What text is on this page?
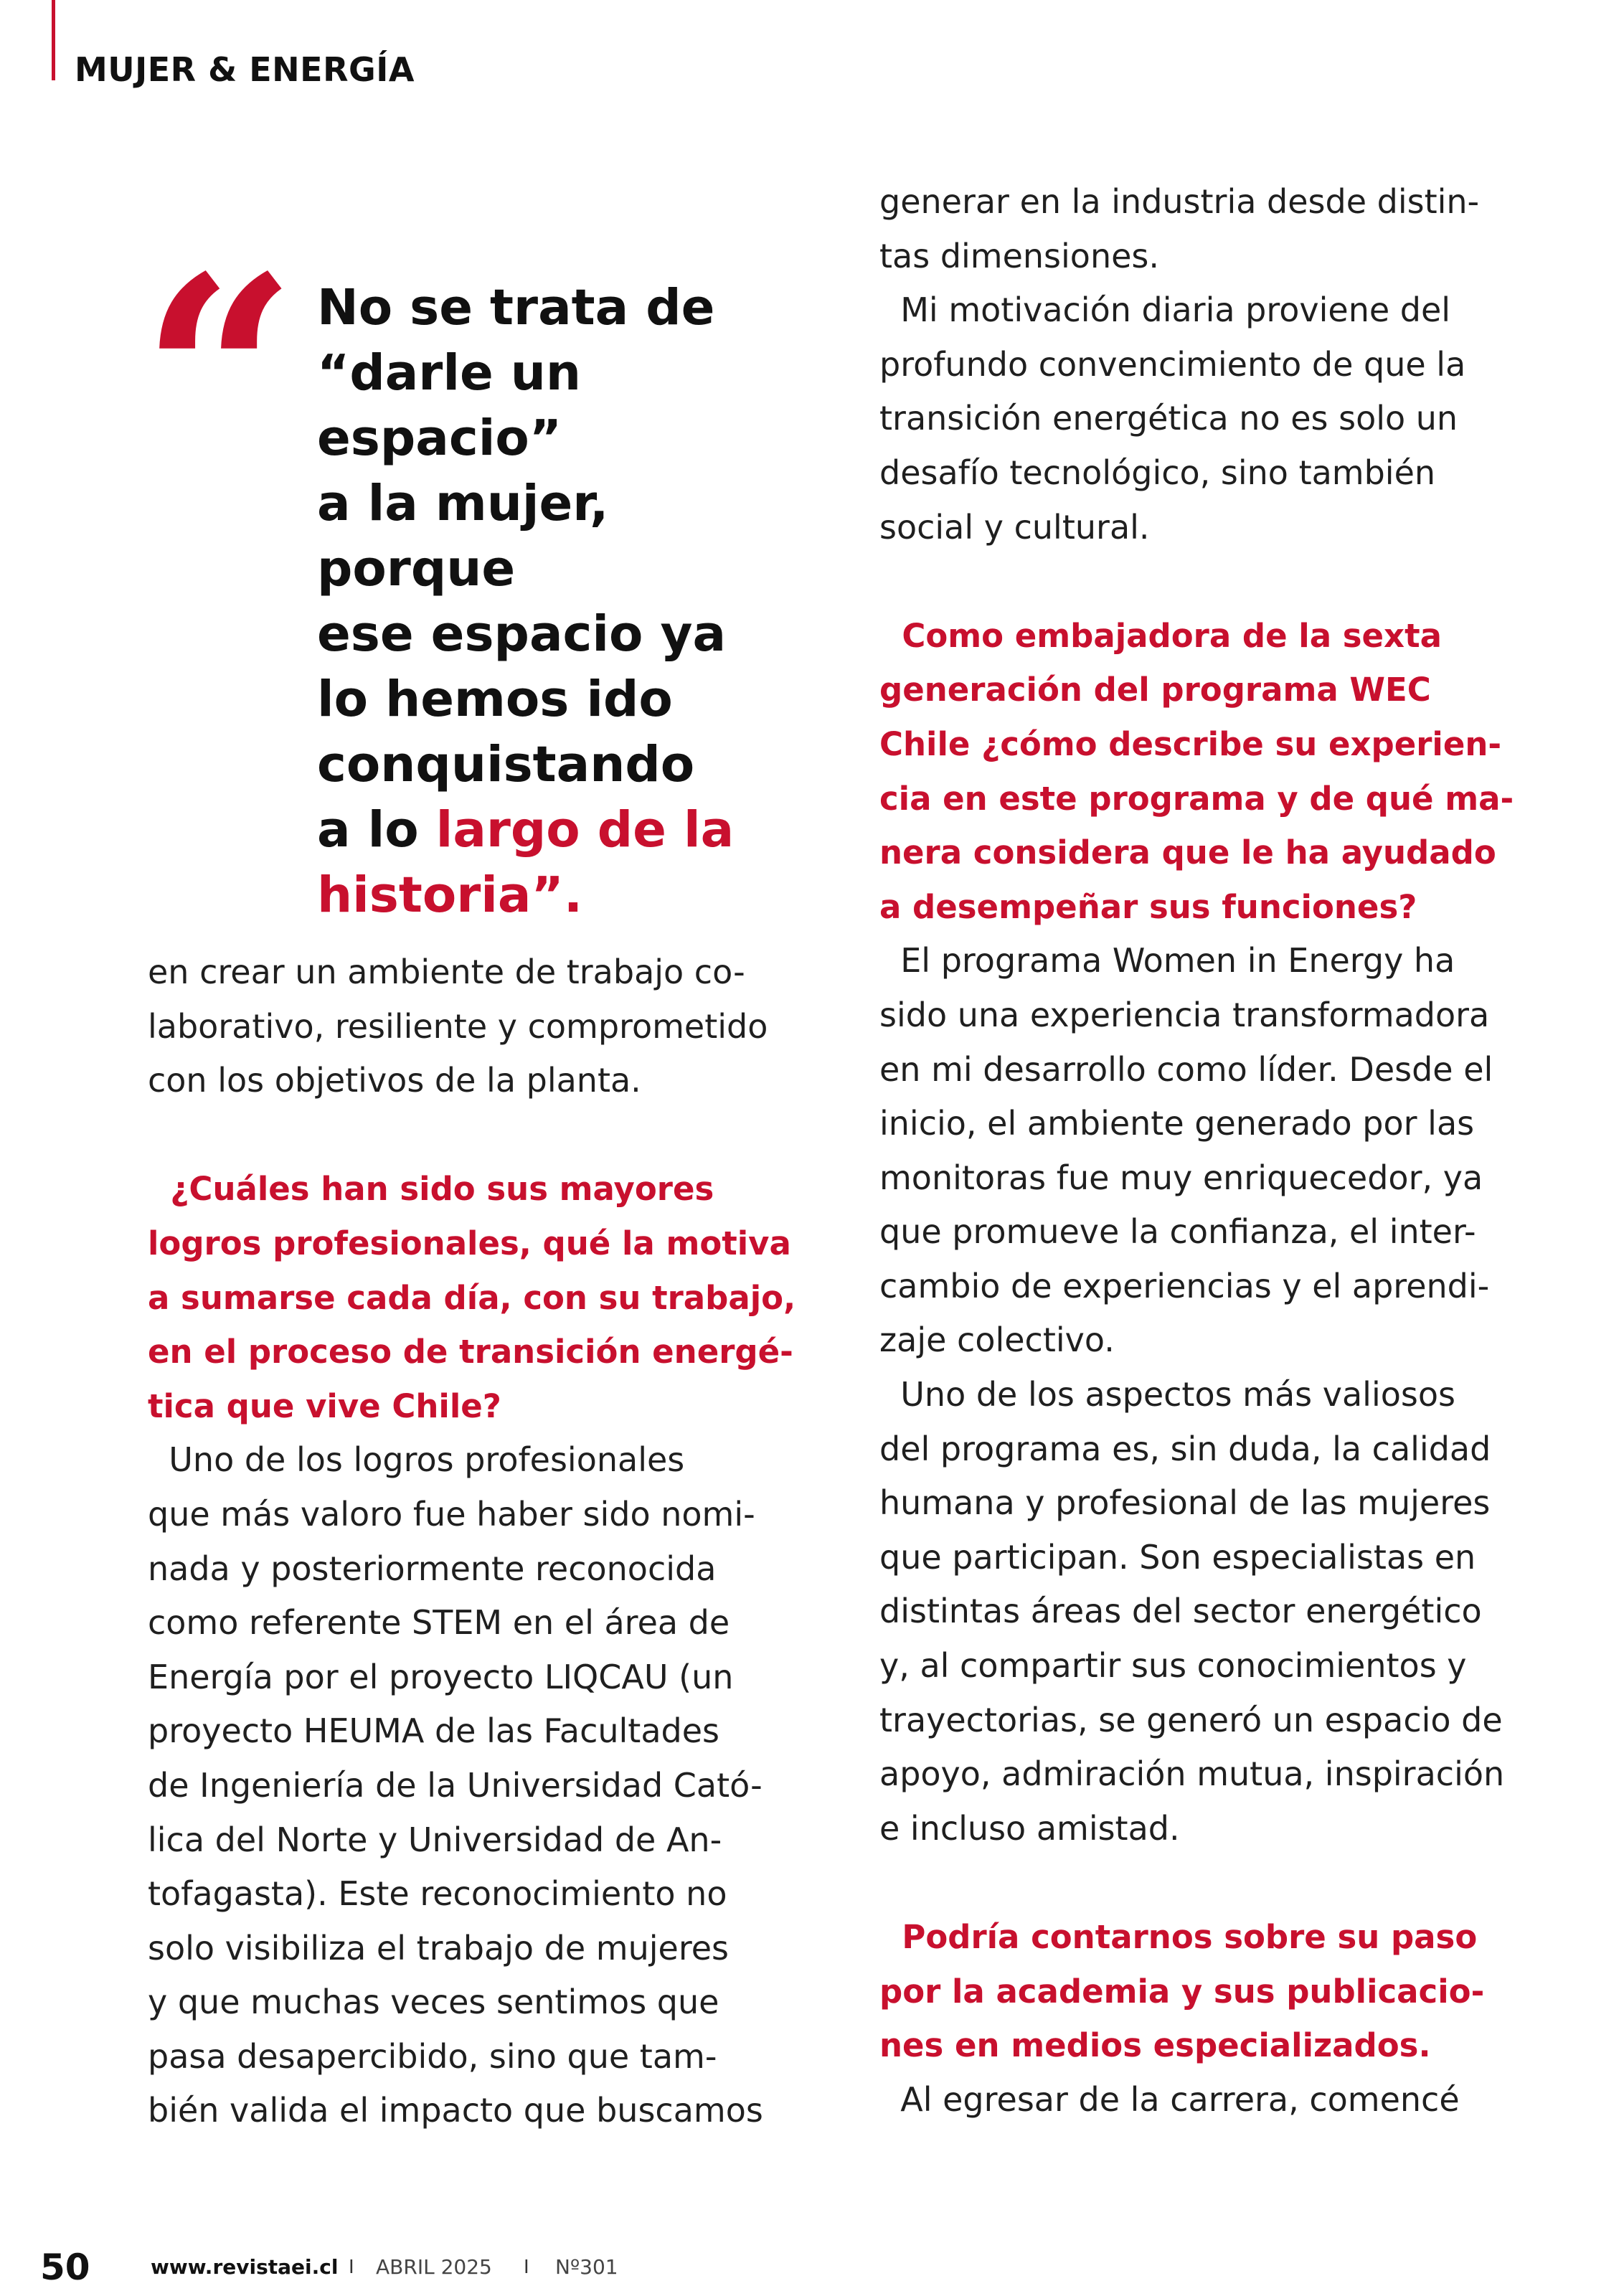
MUJER & ENERGÍA
“ No se trata de
“darle un espacio”
a la mujer, porque
ese espacio ya
lo hemos ido
conquistando
a lo largo de la
historia”.

en crear un ambiente de trabajo co-

laborativo, resiliente y comprometido

con los objetivos de la planta.

¿Cuáles han sido sus mayores

logros profesionales, qué la motiva

a sumarse cada día, con su trabajo,

en el proceso de transición energé-

tica que vive Chile?

Uno de los logros profesionales

que más valoro fue haber sido nomi-

nada y posteriormente reconocida

como referente STEM en el área de

Energía por el proyecto LIQCAU (un

proyecto HEUMA de las Facultades

de Ingeniería de la Universidad Cató-

lica del Norte y Universidad de An-

tofagasta). Este reconocimiento no

solo visibiliza el trabajo de mujeres

y que muchas veces sentimos que

pasa desapercibido, sino que tam-

bién valida el impacto que buscamos

generar en la industria desde distin-

tas dimensiones.

Mi motivación diaria proviene del

profundo convencimiento de que la

transición energética no es solo un

desafío tecnológico, sino también

social y cultural.

Como embajadora de la sexta

generación del programa WEC

Chile ¿cómo describe su experien-

cia en este programa y de qué ma-

nera considera que le ha ayudado

a desempeñar sus funciones?

El programa Women in Energy ha

sido una experiencia transformadora

en mi desarrollo como líder. Desde el

inicio, el ambiente generado por las

monitoras fue muy enriquecedor, ya

que promueve la confianza, el inter-

cambio de experiencias y el aprendi-

zaje colectivo.

Uno de los aspectos más valiosos

del programa es, sin duda, la calidad

humana y profesional de las mujeres

que participan. Son especialistas en

distintas áreas del sector energético

y, al compartir sus conocimientos y

trayectorias, se generó un espacio de

apoyo, admiración mutua, inspiración

e incluso amistad.

Podría contarnos sobre su paso

por la academia y sus publicacio-

nes en medios especializados.

Al egresar de la carrera, comencé

50	www.revistaei.cl I ABRIL 2025 I Nº301
